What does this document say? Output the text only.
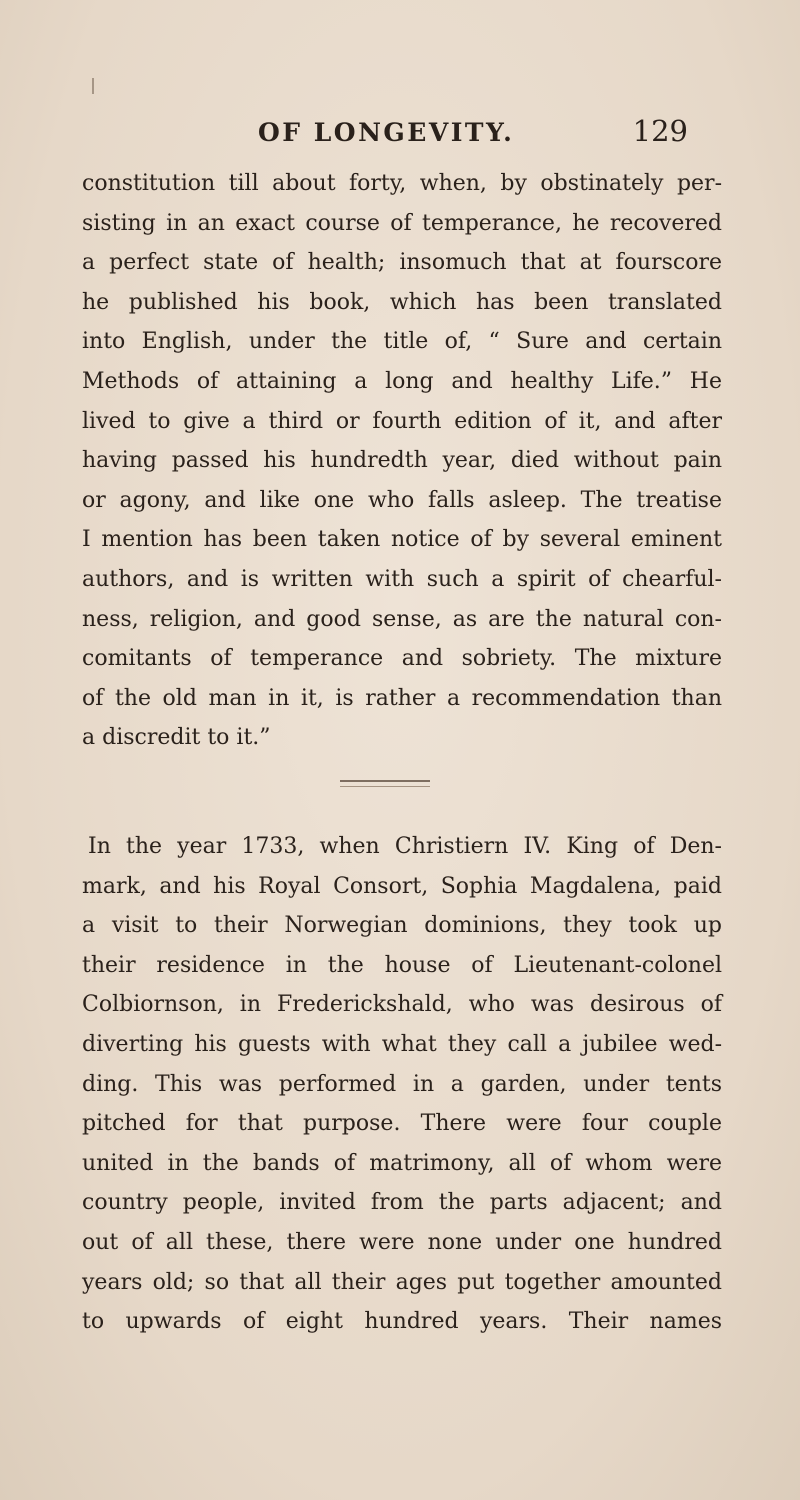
OF LONGEVITY.	129
constitution till about forty, when, by obstinately per-
sisting in an exact course of temperance, he recovered
a perfect state of health; insomuch that at fourscore
he published his book, which has been translated
into English, under the title of, “ Sure and certain
Methods of attaining a long and healthy Life.” He
lived to give a third or fourth edition of it, and after
having passed his hundredth year, died without pain
or agony, and like one who falls asleep. The treatise
I mention has been taken notice of by several eminent
authors, and is written with such a spirit of chearful-
ness, religion, and good sense, as are the natural con-
comitants of temperance and sobriety. The mixture
of the old man in it, is rather a recommendation than
a discredit to it.”
In the year 1733, when Christiern IV. King of Den-
mark, and his Royal Consort, Sophia Magdalena, paid
a visit to their Norwegian dominions, they took up
their residence in the house of Lieutenant-colonel
Colbiornson, in Frederickshald, who was desirous of
diverting his guests with what they call a jubilee wed-
ding. This was performed in a garden, under tents
pitched for that purpose. There were four couple
united in the bands of matrimony, all of whom were
country people, invited from the parts adjacent; and
out of all these, there were none under one hundred
years old; so that all their ages put together amounted
to upwards of eight hundred years. Their names
